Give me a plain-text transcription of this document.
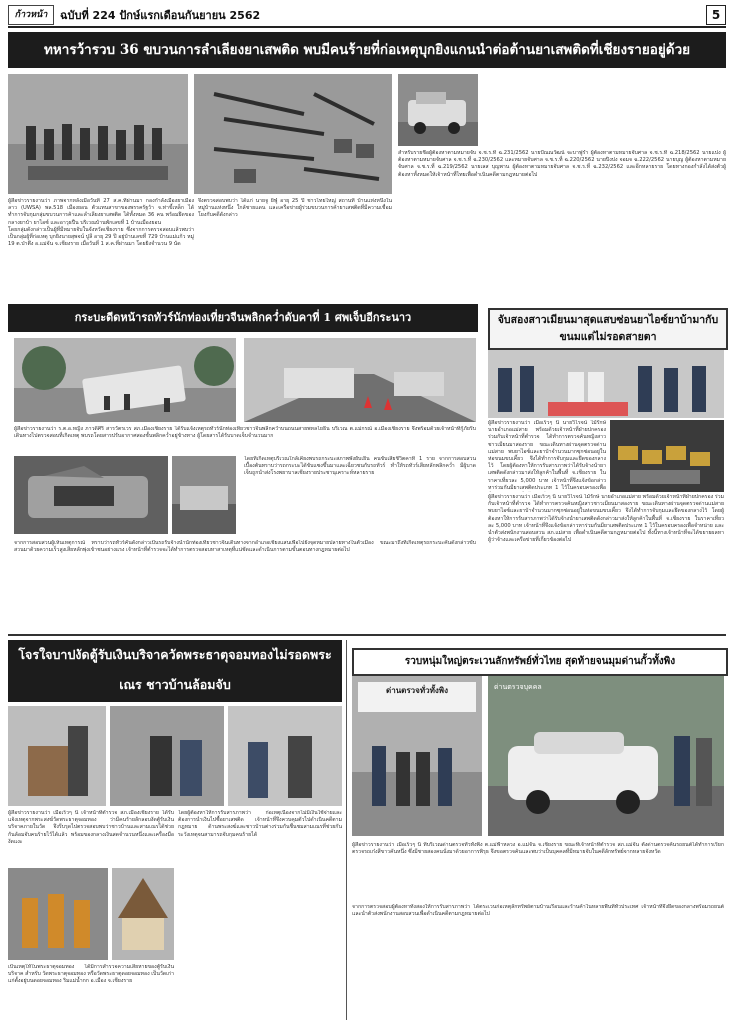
ก้าวหน้า	ฉบับที่ 224 ปักษ์แรกเดือนกันยายน 2562	5
ทหารว้ารวบ 36 ขบวนการลำเลียงยาเสพติด พบมีคนร้ายที่ก่อเหตุบุกยิงแกนนำต่อต้านยาเสพติดที่เชียงรายอยู่ด้วย

ผู้สื่อข่าวรายงานว่า ภาพจากหลังเมื่อวันที่ 27 ส.ค.ที่ผ่านมา กองกำลังเมืองยาเมืองลาว (UWSA) พล.518 เมืองยอน ตัวแทนสาขาของพรรครัฐว้า จ.ท่าขี้เหล็ก ได้ทำการจับกุมกลุ่มขบวนการค้าและลำเลียงยาเสพติด ได้ทั้งหมด 36 คน พร้อมยึดของกลางยาบ้า ยาไอซ์ และอาวุธปืน บริเวณบ้านพักเลขที่ 1 บ้านเมืองยอน

โดยกลุ่มดังกล่าวเป็นผู้ที่มีหมายจับในจังหวัดเชียงราย ซึ่งจากการตรวจสอบแล้วพบว่าเป็นกลุ่มผู้ที่ก่อเหตุ บุกยิงนายสุพจน์ ปูลี อายุ 29 ปี อยู่บ้านเลขที่ 729 บ้านแม่แก้ว หมู่ 19 ต.ป่าตึง อ.แม่จัน จ.เชียงราย เมื่อวันที่ 1 ส.ค.ที่ผ่านมา โดยยิงจำนวน 9 นัด

จึงตรวจสอบพบว่า ได้แก่ นายจู ยี่ฟู่ อายุ 25 ปี ชาวไทยใหญ่ สถานที่ บ้านแห่งหนึ่งในหมู่บ้านแห่งหนึ่ง ใกล้ชายแดน และเครือข่ายผู้ร่วมขบวนการค้ายาเสพติดที่มีความเชื่อมโยงกับคดีดังกล่าว

สำหรับรายชื่อผู้ต้องหาตามหมายจับ จ.ช.ร.ที่ ฉ.231/2562 นายปัณณวัฒน์ จะบาฟูรำ ผู้ต้องหาตามหมายจับศาล จ.ช.ร.ที่ ฉ.218/2562 นายแปง ผู้ต้องหาตามหมายจับศาล จ.ช.ร.ที่ ฉ.230/2562 และหมายจับศาล จ.ช.ร.ที่ ฉ.220/2562 นายปิงปง จอมจ ฉ.222/2562 นายบุญ ผู้ต้องหาตามหมายจับศาล จ.ช.ร.ที่ ฉ.219/2562 นายเลส บุญพาน ผู้ต้องหาตามหมายจับศาล จ.ช.ร.ที่ ฉ.232/2562 และอีกหลายราย โดยทางกองกำลังได้ส่งตัวผู้ต้องหาทั้งหมดให้เจ้าหน้าที่ไทยเพื่อดำเนินคดีตามกฎหมายต่อไป

กระบะดีดหน้ารถทัวร์นักท่องเที่ยวจีนพลิกคว่ำดับคาที่ 1 ศพเจ็บอีกระนาว

ผู้สื่อข่าวรายงานว่า ร.ต.อ.หญิง ภาวดีศิริ สารวัตรเวร สภ.เมืองเชียงราย ได้รับแจ้งเหตุรถทัวร์นักท่องเที่ยวชาวจีนพลิกคว่ำบนถนนสายพหลโยธิน บริเวณ ต.แม่กรณ์ อ.เมืองเชียงราย จึงพร้อมด้วยเจ้าหน้าที่กู้ภัยรีบเดินทางไปตรวจสอบที่เกิดเหตุ พบรถโดยสารปรับอากาศสองชั้นพลิกคว่ำอยู่ข้างทาง ผู้โดยสารได้รับบาดเจ็บจำนวนมาก

โดยที่เกิดเหตุบริเวณใกล้เคียงพบรถกระบะสภาพพังยับเยิน คนขับเสียชีวิตคาที่ 1 ราย จากการสอบสวนเบื้องต้นทราบว่ารถกระบะได้ขับแซงขึ้นมาและเฉี่ยวชนกับรถทัวร์ ทำให้รถทัวร์เสียหลักพลิกคว่ำ มีผู้บาดเจ็บถูกนำส่งโรงพยาบาลเชียงรายประชานุเคราะห์หลายราย

จากการสอบสวนผู้เห็นเหตุการณ์ ทราบว่ารถทัวร์คันดังกล่าวเป็นรถรับจ้างนำนักท่องเที่ยวชาวจีนเดินทางจากอำเภอเชียงแสนเพื่อไปยังจุดหมายปลายทางในตัวเมือง ขณะมาถึงที่เกิดเหตุรถกระบะคันดังกล่าวขับสวนมาด้วยความเร็วสูงเสียหลักพุ่งเข้าชนอย่างแรง เจ้าหน้าที่ตำรวจจะได้ทำการตรวจสอบหาสาเหตุที่แน่ชัดและดำเนินการตามขั้นตอนทางกฎหมายต่อไป

จับสองสาวเมียนมาสุดแสบซ่อนยาไอซ์ยาบ้ามากับขนมแต่ไม่รอดสายตา

ผู้สื่อข่าวรายงานว่า เมื่อเร็วๆ นี้ นายวิโรจน์ ไม้รักษ์ นายอำเภอแม่สาย พร้อมด้วยเจ้าหน้าที่ฝ่ายปกครอง ร่วมกับเจ้าหน้าที่ตำรวจ ได้ทำการตรวจค้นหญิงสาวชาวเมียนมาสองราย ขณะเดินทางผ่านจุดตรวจด่านแม่สาย พบยาไอซ์และยาบ้าจำนวนมากซุกซ่อนอยู่ในห่อขนมขบเคี้ยว จึงได้ทำการจับกุมและยึดของกลางไว้ โดยผู้ต้องหาให้การรับสารภาพว่าได้รับจ้างนำยาเสพติดดังกล่าวมาส่งให้ลูกค้าในพื้นที่ จ.เชียงราย ในราคาเที่ยวละ 5,000 บาท เจ้าหน้าที่จึงแจ้งข้อกล่าวหาร่วมกันมียาเสพติดประเภท 1 ไว้ในครอบครองเพื่อ

ผู้สื่อข่าวรายงานว่า เมื่อเร็วๆ นี้ นายวิโรจน์ ไม้รักษ์ นายอำเภอแม่สาย พร้อมด้วยเจ้าหน้าที่ฝ่ายปกครอง ร่วมกับเจ้าหน้าที่ตำรวจ ได้ทำการตรวจค้นหญิงสาวชาวเมียนมาสองราย ขณะเดินทางผ่านจุดตรวจด่านแม่สาย พบยาไอซ์และยาบ้าจำนวนมากซุกซ่อนอยู่ในห่อขนมขบเคี้ยว จึงได้ทำการจับกุมและยึดของกลางไว้ โดยผู้ต้องหาให้การรับสารภาพว่าได้รับจ้างนำยาเสพติดดังกล่าวมาส่งให้ลูกค้าในพื้นที่ จ.เชียงราย ในราคาเที่ยวละ 5,000 บาท เจ้าหน้าที่จึงแจ้งข้อกล่าวหาร่วมกันมียาเสพติดประเภท 1 ไว้ในครอบครองเพื่อจำหน่าย และนำตัวส่งพนักงานสอบสวน สภ.แม่สาย เพื่อดำเนินคดีตามกฎหมายต่อไป ทั้งนี้ทางเจ้าหน้าที่จะได้ขยายผลหาผู้ว่าจ้างและเครือข่ายที่เกี่ยวข้องต่อไป

โจรใจบาปงัดตู้รับเงินบริจาควัดพระธาตุจอมทองไม่รอดพระเณร ชาวบ้านล้อมจับ

ผู้สื่อข่าวรายงานว่า เมื่อเร็วๆ นี้ เจ้าหน้าที่ตำรวจ สภ.เมืองเชียงราย ได้รับแจ้งเหตุจากพระสงฆ์วัดพระธาตุจอมทอง ว่ามีคนร้ายลักลอบงัดตู้รับเงินบริจาคภายในวัด จึงรีบรุดไปตรวจสอบพบว่าชาวบ้านและสามเณรได้ช่วยกันล้อมจับคนร้ายไว้ได้แล้ว พร้อมของกลางเงินสดจำนวนหนึ่งและเครื่องมืองัดแงะ

โดยผู้ต้องหาให้การรับสารภาพว่า ก่อเหตุเนื่องจากไม่มีเงินใช้จ่ายและต้องการนำเงินไปซื้อยาเสพติด เจ้าหน้าที่จึงควบคุมตัวไปดำเนินคดีตามกฎหมาย ด้านพระสงฆ์และชาวบ้านต่างร่วมกันชื่นชมสามเณรที่ช่วยกันระวังเหตุจนสามารถจับกุมคนร้ายได้

เป็นเหตุให้ในพระธาตุจอมทอง ได้มีการสำรวจความเสียหายของตู้รับเงินบริจาค สำหรับ วัดพระธาตุจอมทอง หรือวัดพระธาตุดอยจอมทอง เป็นวัดเก่าแก่ตั้งอยู่บนดอยจอมทอง ริมแม่น้ำกก อ.เมือง จ.เชียงราย

รวบหนุ่มใหญ่ตระเวนลักทรัพย์ทั่วไทย สุดท้ายจนมุมด่านกั้วทั้งพิง
ด่านตรวจทั่วทั้งพิง	ด่านตรวจบุคคล

ผู้สื่อข่าวรายงานว่า เมื่อเร็วๆ นี้ ที่บริเวณด่านตรวจทั่วทั้งพิง ต.แม่ฟ้าหลวง อ.แม่จัน จ.เชียงราย ขณะที่เจ้าหน้าที่ตำรวจ สภ.แม่จัน ตั้งด่านตรวจค้นรถยนต์ได้ทำการเรียกตรวจรถเก๋งสีขาวคันหนึ่ง ซึ่งมีชายสองคนนั่งมาด้วยอาการพิรุธ จึงขอตรวจค้นและพบว่าเป็นบุคคลที่มีหมายจับในคดีลักทรัพย์จากหลายจังหวัด

จากการตรวจสอบผู้ต้องหาทั้งสองให้การรับสารภาพว่า ได้ตระเวนก่อเหตุลักทรัพย์ตามบ้านเรือนและร้านค้าในหลายพื้นที่ทั่วประเทศ เจ้าหน้าที่จึงยึดของกลางพร้อมรถยนต์ และนำตัวส่งพนักงานสอบสวนเพื่อดำเนินคดีตามกฎหมายต่อไป
